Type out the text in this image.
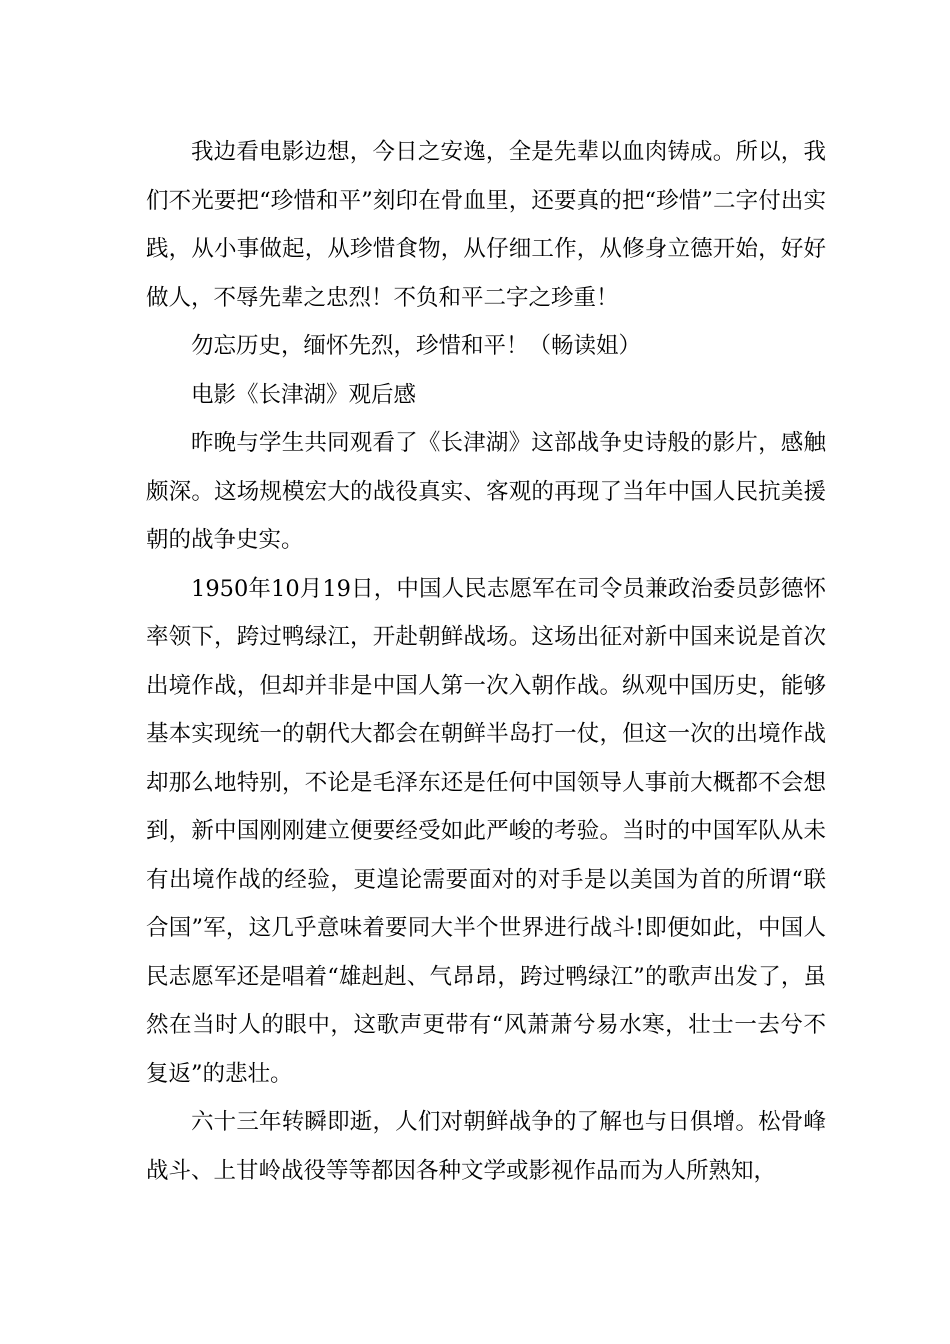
我边看电影边想，今日之安逸，全是先辈以血肉铸成。所以，我们不光要把“珍惜和平”刻印在骨血里，还要真的把“珍惜”二字付出实践，从小事做起，从珍惜食物，从仔细工作，从修身立德开始，好好做人，不辱先辈之忠烈！不负和平二字之珍重！

勿忘历史，缅怀先烈，珍惜和平！（畅读姐）

电影《长津湖》观后感

昨晚与学生共同观看了《长津湖》这部战争史诗般的影片，感触颇深。这场规模宏大的战役真实、客观的再现了当年中国人民抗美援朝的战争史实。

1950年10月19日，中国人民志愿军在司令员兼政治委员彭德怀率领下，跨过鸭绿江，开赴朝鲜战场。这场出征对新中国来说是首次出境作战，但却并非是中国人第一次入朝作战。纵观中国历史，能够基本实现统一的朝代大都会在朝鲜半岛打一仗，但这一次的出境作战却那么地特别，不论是毛泽东还是任何中国领导人事前大概都不会想到，新中国刚刚建立便要经受如此严峻的考验。当时的中国军队从未有出境作战的经验，更遑论需要面对的对手是以美国为首的所谓“联合国”军，这几乎意味着要同大半个世界进行战斗!即便如此，中国人民志愿军还是唱着“雄赳赳、气昂昂，跨过鸭绿江”的歌声出发了，虽然在当时人的眼中，这歌声更带有“风萧萧兮易水寒，壮士一去兮不复返”的悲壮。

六十三年转瞬即逝，人们对朝鲜战争的了解也与日俱增。松骨峰战斗、上甘岭战役等等都因各种文学或影视作品而为人所熟知，
